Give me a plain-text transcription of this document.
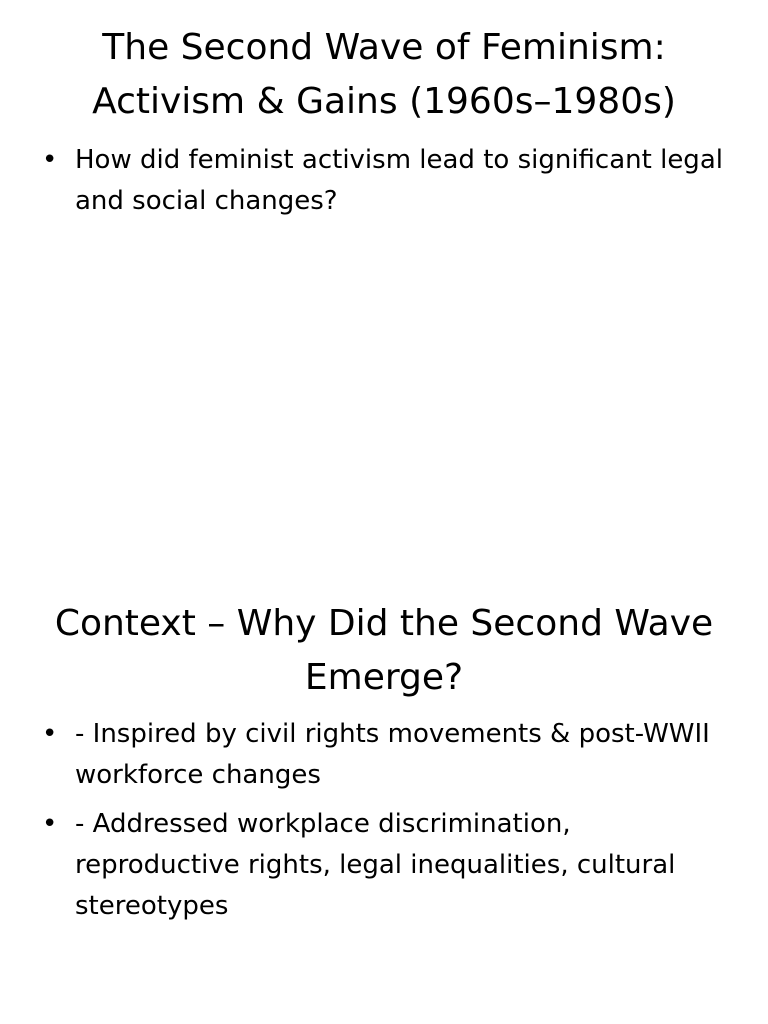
The Second Wave of Feminism: Activism & Gains (1960s–1980s)
• How did feminist activism lead to significant legal and social changes?
Context – Why Did the Second Wave Emerge?
• - Inspired by civil rights movements & post-WWII workforce changes
• - Addressed workplace discrimination, reproductive rights, legal inequalities, cultural stereotypes
